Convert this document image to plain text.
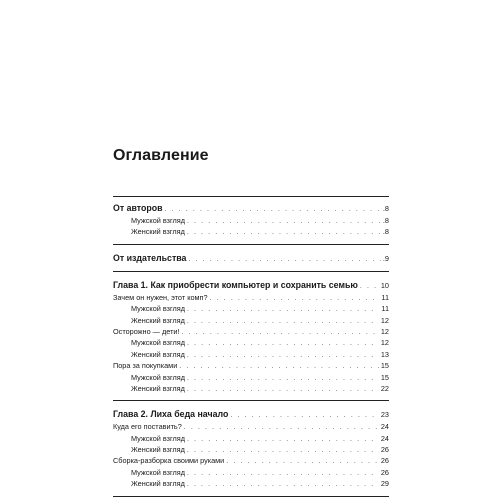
Оглавление
От авторов . . .	.8
Мужской взгляд . . .	.8
Женский взгляд . . .	.8
От издательства . . .	.9
Глава 1. Как приобрести компьютер и сохранить семью . . .	10
Зачем он нужен, этот комп? . . .	11
Мужской взгляд . . .	11
Женский взгляд . . .	12
Осторожно — дети! . . .	12
Мужской взгляд . . .	12
Женский взгляд . . .	13
Пора за покупками . . .	15
Мужской взгляд . . .	15
Женский взгляд . . .	22
Глава 2. Лиха беда начало . . .	23
Куда его поставить? . . .	24
Мужской взгляд . . .	24
Женский взгляд . . .	26
Сборка-разборка своими руками . . .	26
Мужской взгляд . . .	26
Женский взгляд . . .	29
